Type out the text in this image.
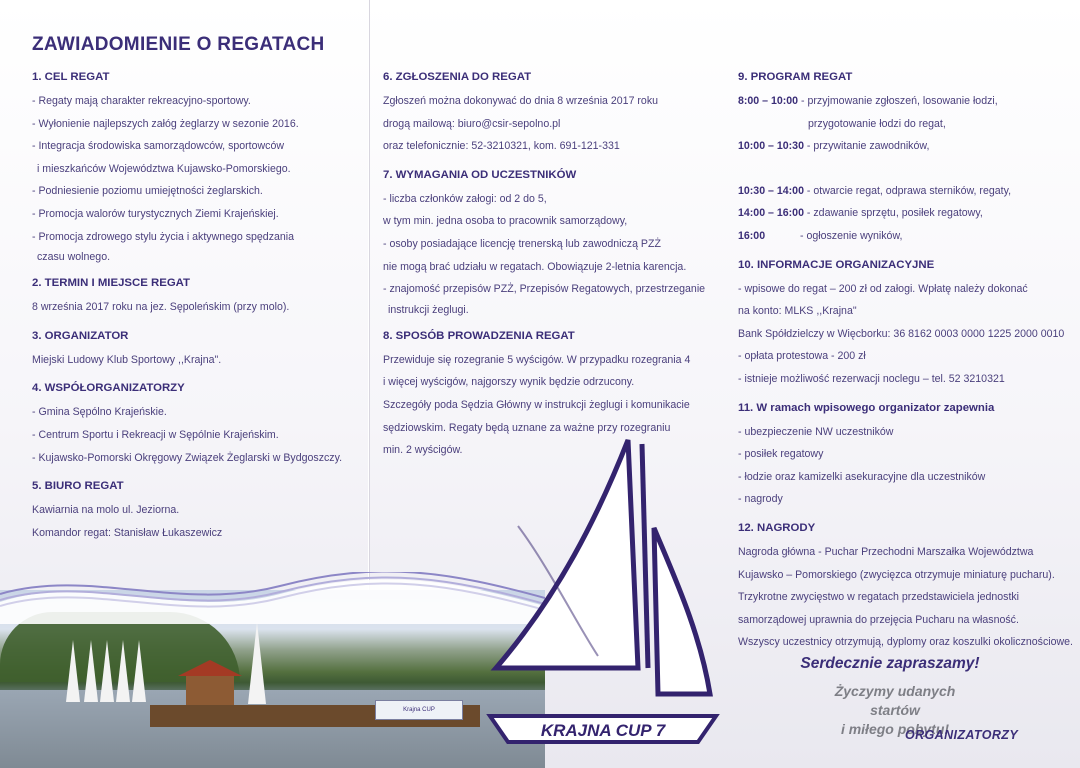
Krajna CUP
KRAJNA CUP 7
ZAWIADOMIENIE O REGATACH
1. CEL REGAT
- Regaty mają charakter rekreacyjno-sportowy.
- Wyłonienie najlepszych załóg żeglarzy w sezonie 2016.
- Integracja środowiska samorządowców, sportowców
i mieszkańców Województwa Kujawsko-Pomorskiego.
- Podniesienie poziomu umiejętności żeglarskich.
- Promocja walorów turystycznych Ziemi Krajeńskiej.
- Promocja zdrowego stylu życia i aktywnego spędzania
czasu wolnego.
2. TERMIN I MIEJSCE REGAT
8 września 2017 roku na jez. Sępoleńskim (przy molo).
3. ORGANIZATOR
Miejski Ludowy Klub Sportowy ,,Krajna".
4. WSPÓŁORGANIZATORZY
- Gmina Sępólno Krajeńskie.
- Centrum Sportu i Rekreacji w Sępólnie Krajeńskim.
- Kujawsko-Pomorski Okręgowy Związek Żeglarski w Bydgoszczy.
5. BIURO REGAT
Kawiarnia na molo ul. Jeziorna.
Komandor regat: Stanisław Łukaszewicz
6. ZGŁOSZENIA DO REGAT
Zgłoszeń można dokonywać do dnia 8 września 2017 roku
drogą mailową: biuro@csir-sepolno.pl
oraz telefonicznie: 52-3210321, kom. 691-121-331
7. WYMAGANIA OD UCZESTNIKÓW
- liczba członków załogi: od 2 do 5,
w tym min. jedna osoba to pracownik samorządowy,
- osoby posiadające licencję trenerską lub zawodniczą PZŻ
nie mogą brać udziału w regatach. Obowiązuje 2-letnia karencja.
- znajomość przepisów PZŻ, Przepisów Regatowych, przestrzeganie
instrukcji żeglugi.
8. SPOSÓB PROWADZENIA REGAT
Przewiduje się rozegranie 5 wyścigów. W przypadku rozegrania 4
i więcej wyścigów, najgorszy wynik będzie odrzucony.
Szczegóły poda Sędzia Główny w instrukcji żeglugi i komunikacie
sędziowskim. Regaty będą uznane za ważne przy rozegraniu
min. 2 wyścigów.
9. PROGRAM REGAT
8:00 – 10:00 - przyjmowanie zgłoszeń, losowanie łodzi,
przygotowanie łodzi do regat,
10:00 – 10:30 - przywitanie zawodników,
10:30 – 14:00 - otwarcie regat, odprawa sterników, regaty,
14:00 – 16:00 - zdawanie sprzętu, posiłek regatowy,
16:00	- ogłoszenie wyników,
10. INFORMACJE ORGANIZACYJNE
- wpisowe do regat – 200 zł od załogi. Wpłatę należy dokonać
na konto: MLKS ,,Krajna"
Bank Spółdzielczy w Więcborku: 36 8162 0003 0000 1225 2000 0010
- opłata protestowa - 200 zł
- istnieje możliwość rezerwacji noclegu – tel. 52 3210321
11. W ramach wpisowego organizator zapewnia
- ubezpieczenie NW uczestników
- posiłek regatowy
- łodzie oraz kamizelki asekuracyjne dla uczestników
- nagrody
12. NAGRODY
Nagroda główna - Puchar Przechodni Marszałka Województwa
Kujawsko – Pomorskiego (zwycięzca otrzymuje miniaturę pucharu).
Trzykrotne zwycięstwo w regatach przedstawiciela jednostki
samorządowej uprawnia do przejęcia Pucharu na własność.
Wszyscy uczestnicy otrzymują, dyplomy oraz koszulki okolicznościowe.
Serdecznie zapraszamy!
Życzymy udanych startów
i miłego pobytu!
ORGANIZATORZY
